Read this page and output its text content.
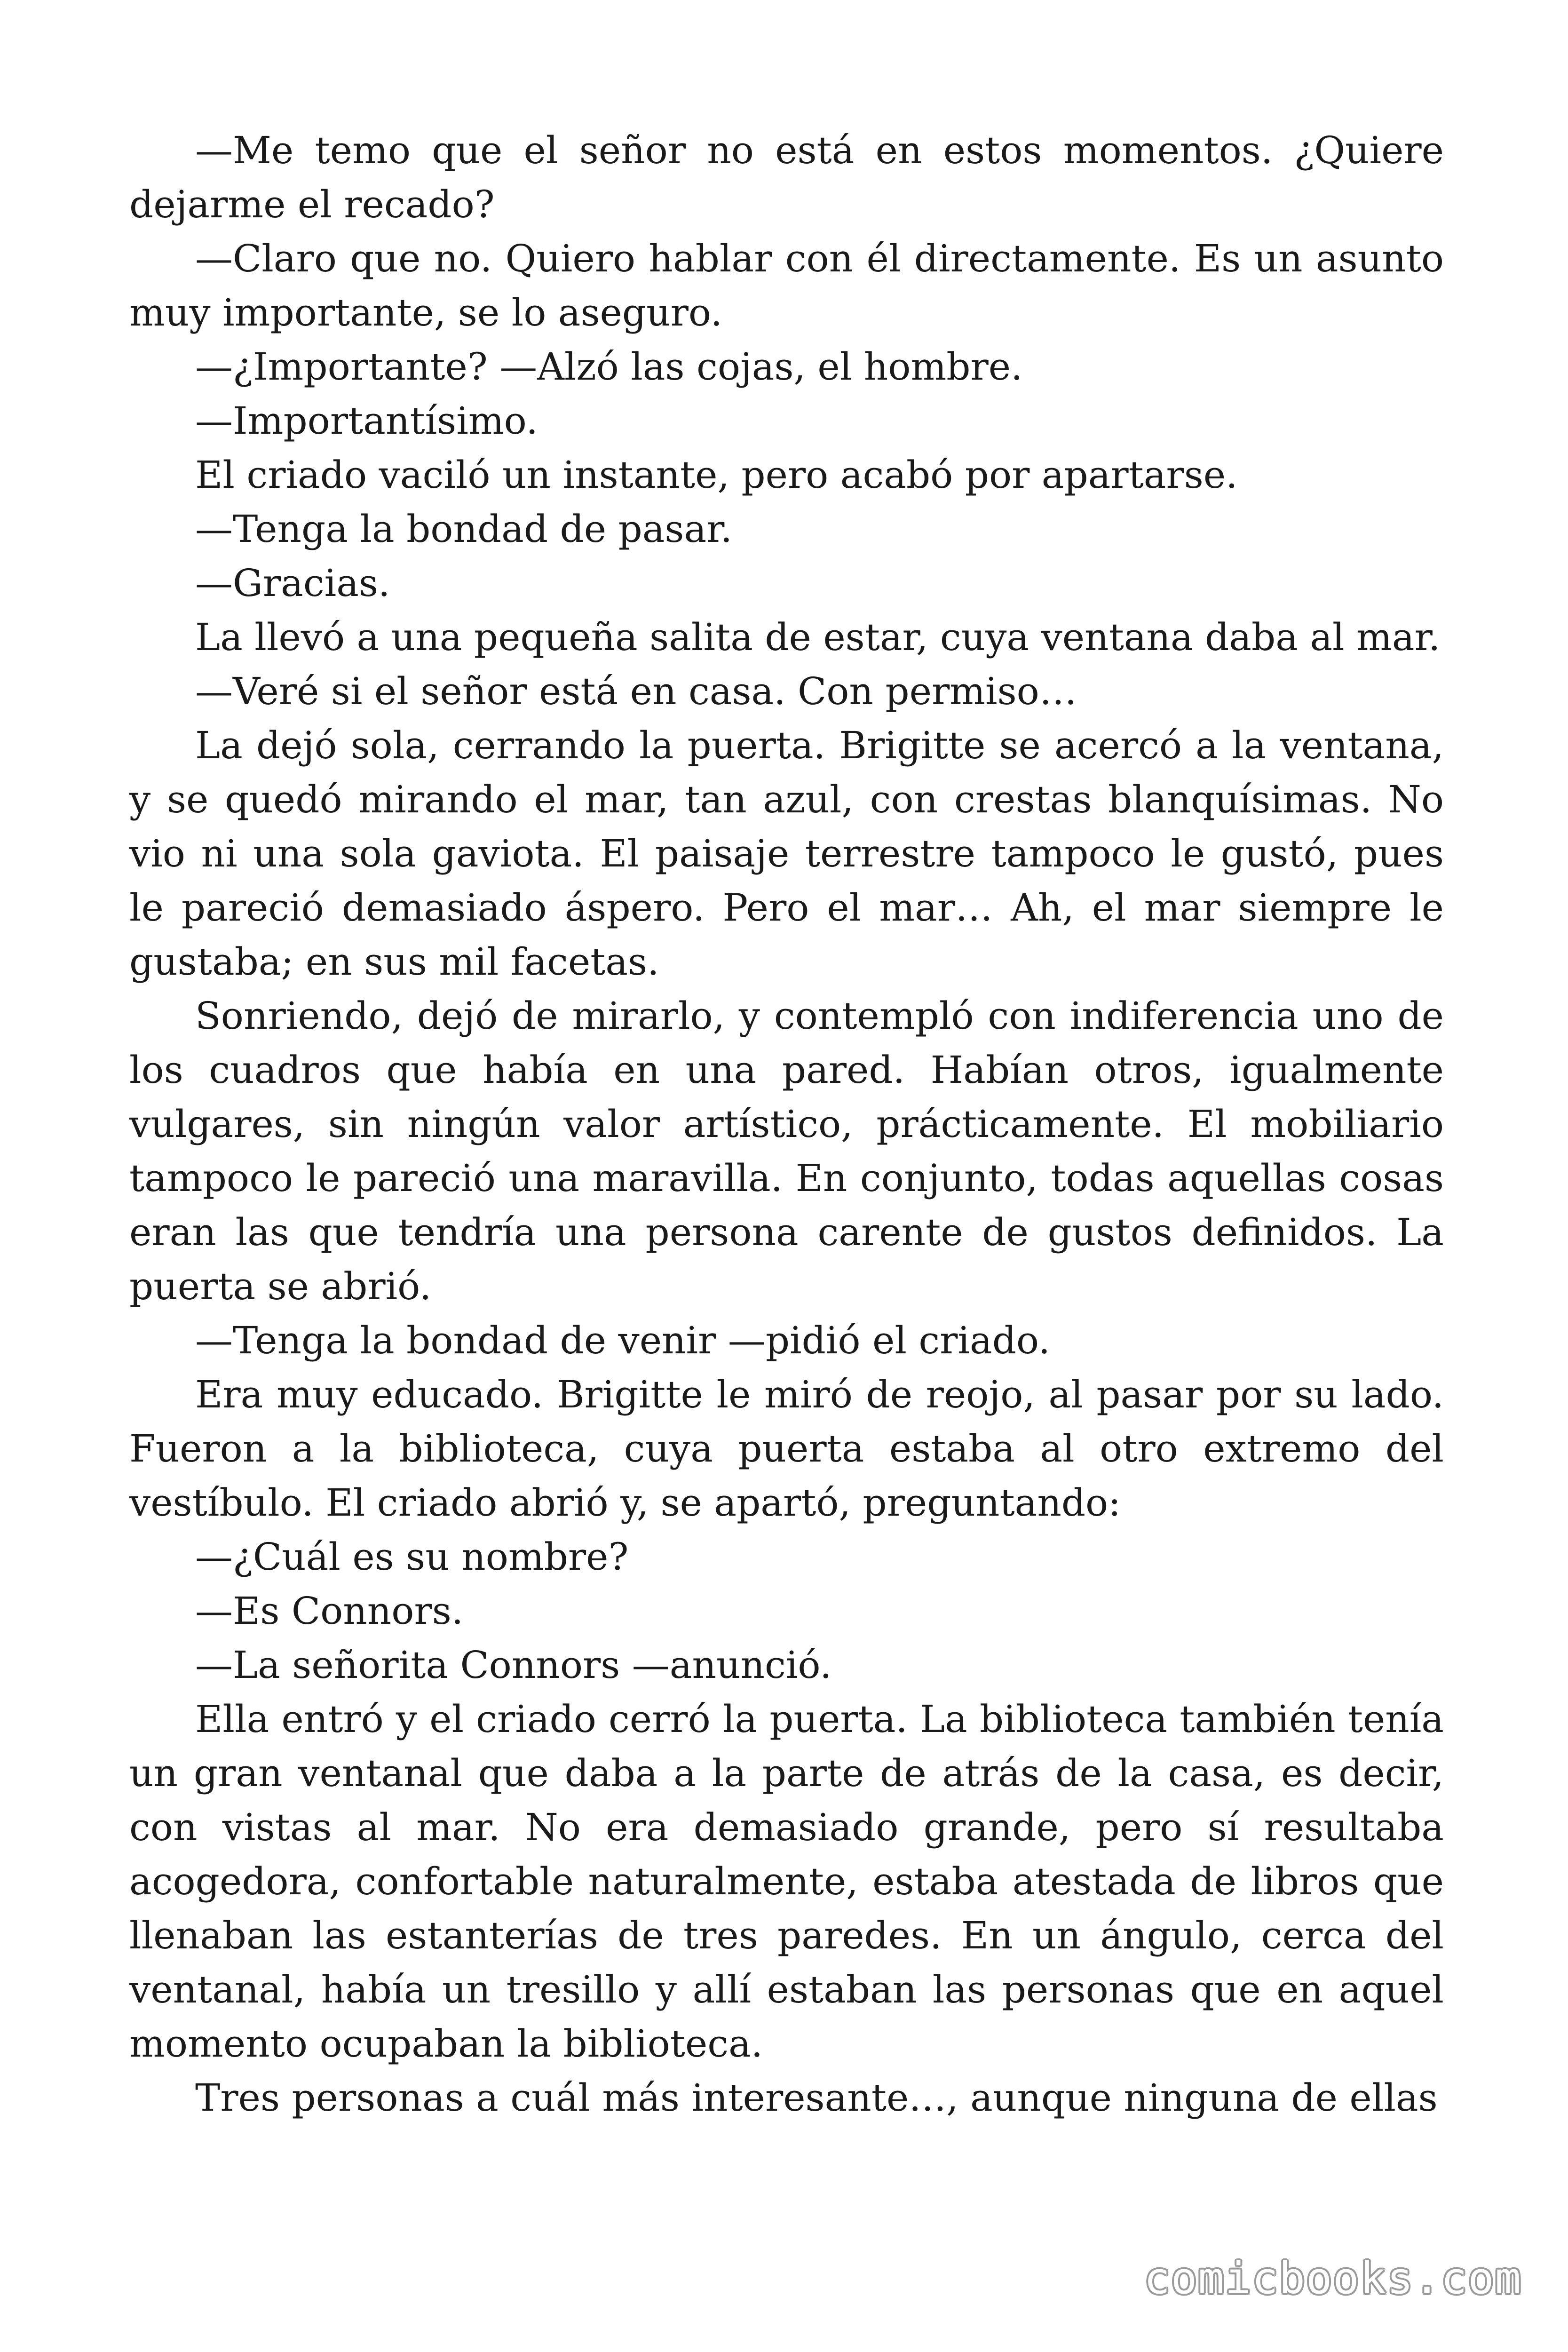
—Me temo que el señor no está en estos momentos. ¿Quiere dejarme el recado?

—Claro que no. Quiero hablar con él directamente. Es un asunto muy importante, se lo aseguro.

—¿Importante? —Alzó las cojas, el hombre.

—Importantísimo.

El criado vaciló un instante, pero acabó por apartarse.

—Tenga la bondad de pasar.

—Gracias.

La llevó a una pequeña salita de estar, cuya ventana daba al mar.

—Veré si el señor está en casa. Con permiso…

La dejó sola, cerrando la puerta. Brigitte se acercó a la ventana, y se quedó mirando el mar, tan azul, con crestas blanquísimas. No vio ni una sola gaviota. El paisaje terrestre tampoco le gustó, pues le pareció demasiado áspero. Pero el mar… Ah, el mar siempre le gustaba; en sus mil facetas.

Sonriendo, dejó de mirarlo, y contempló con indiferencia uno de los cuadros que había en una pared. Habían otros, igualmente vulgares, sin ningún valor artístico, prácticamente. El mobiliario tampoco le pareció una maravilla. En conjunto, todas aquellas cosas eran las que tendría una persona carente de gustos definidos. La puerta se abrió.

—Tenga la bondad de venir —pidió el criado.

Era muy educado. Brigitte le miró de reojo, al pasar por su lado. Fueron a la biblioteca, cuya puerta estaba al otro extremo del vestíbulo. El criado abrió y, se apartó, preguntando:

—¿Cuál es su nombre?

—Es Connors.

—La señorita Connors —anunció.

Ella entró y el criado cerró la puerta. La biblioteca también tenía un gran ventanal que daba a la parte de atrás de la casa, es decir, con vistas al mar. No era demasiado grande, pero sí resultaba acogedora, confortable naturalmente, estaba atestada de libros que llenaban las estanterías de tres paredes. En un ángulo, cerca del ventanal, había un tresillo y allí estaban las personas que en aquel momento ocupaban la biblioteca.

Tres personas a cuál más interesante…, aunque ninguna de ellas

comicbooks.com
